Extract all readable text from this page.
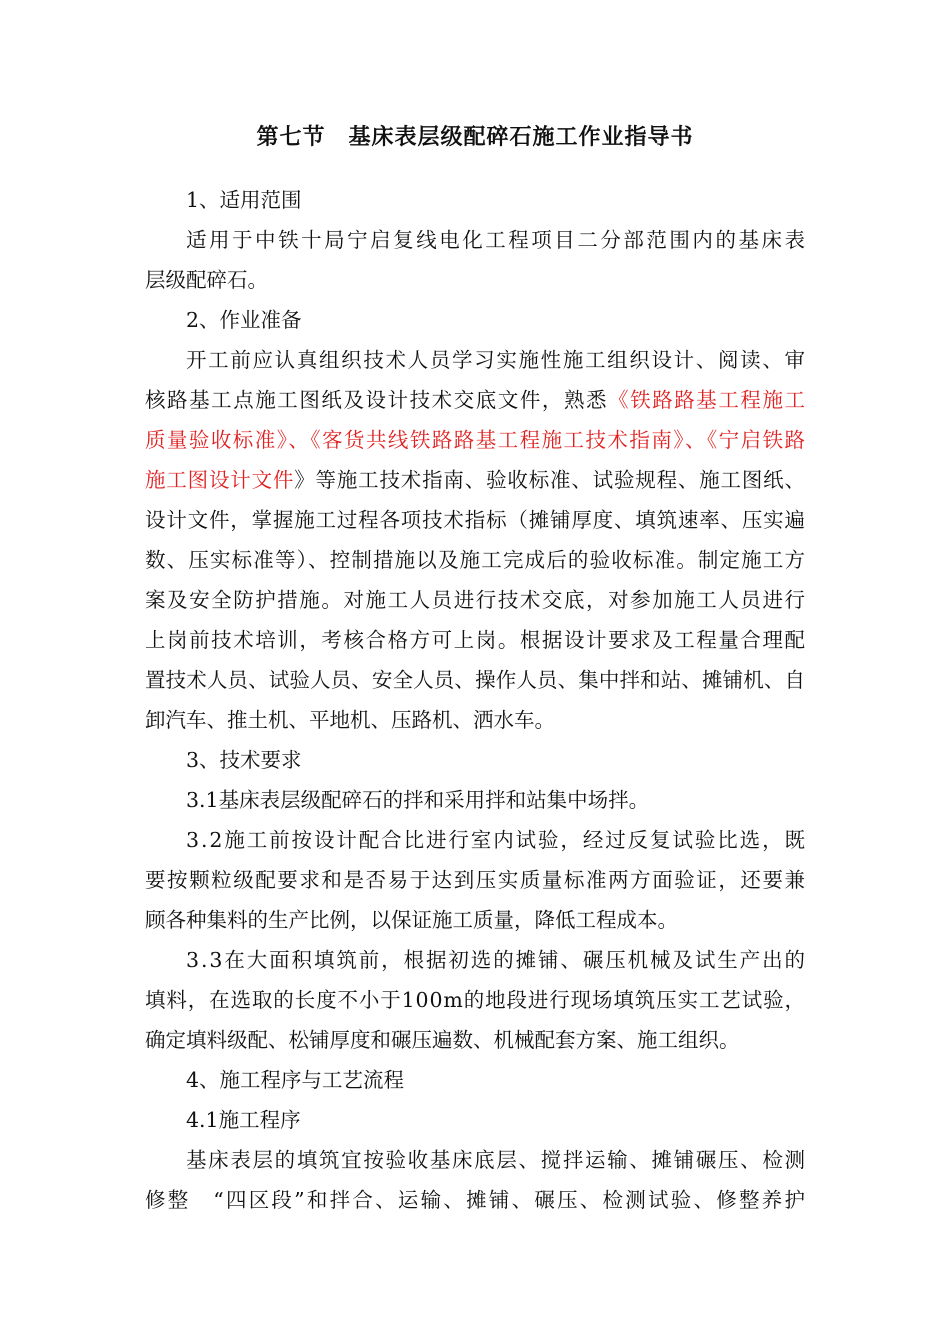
第七节　基床表层级配碎石施工作业指导书
1、适用范围
适用于中铁十局宁启复线电化工程项目二分部范围内的基床表
层级配碎石。
2、作业准备
开工前应认真组织技术人员学习实施性施工组织设计、阅读、审
核路基工点施工图纸及设计技术交底文件，熟悉《铁路路基工程施工
质量验收标准》、《客货共线铁路路基工程施工技术指南》、《宁启铁路
施工图设计文件》等施工技术指南、验收标准、试验规程、施工图纸、
设计文件，掌握施工过程各项技术指标（摊铺厚度、填筑速率、压实遍
数、压实标准等）、控制措施以及施工完成后的验收标准。制定施工方
案及安全防护措施。对施工人员进行技术交底，对参加施工人员进行
上岗前技术培训，考核合格方可上岗。根据设计要求及工程量合理配
置技术人员、试验人员、安全人员、操作人员、集中拌和站、摊铺机、自
卸汽车、推土机、平地机、压路机、洒水车。
3、技术要求
3.1基床表层级配碎石的拌和采用拌和站集中场拌。
3.2施工前按设计配合比进行室内试验，经过反复试验比选，既
要按颗粒级配要求和是否易于达到压实质量标准两方面验证，还要兼
顾各种集料的生产比例，以保证施工质量，降低工程成本。
3.3在大面积填筑前，根据初选的摊铺、碾压机械及试生产出的
填料，在选取的长度不小于100m的地段进行现场填筑压实工艺试验，
确定填料级配、松铺厚度和碾压遍数、机械配套方案、施工组织。
4、施工程序与工艺流程
4.1施工程序
基床表层的填筑宜按验收基床底层、搅拌运输、摊铺碾压、检测
修整　“四区段”和拌合、运输、摊铺、碾压、检测试验、修整养护
